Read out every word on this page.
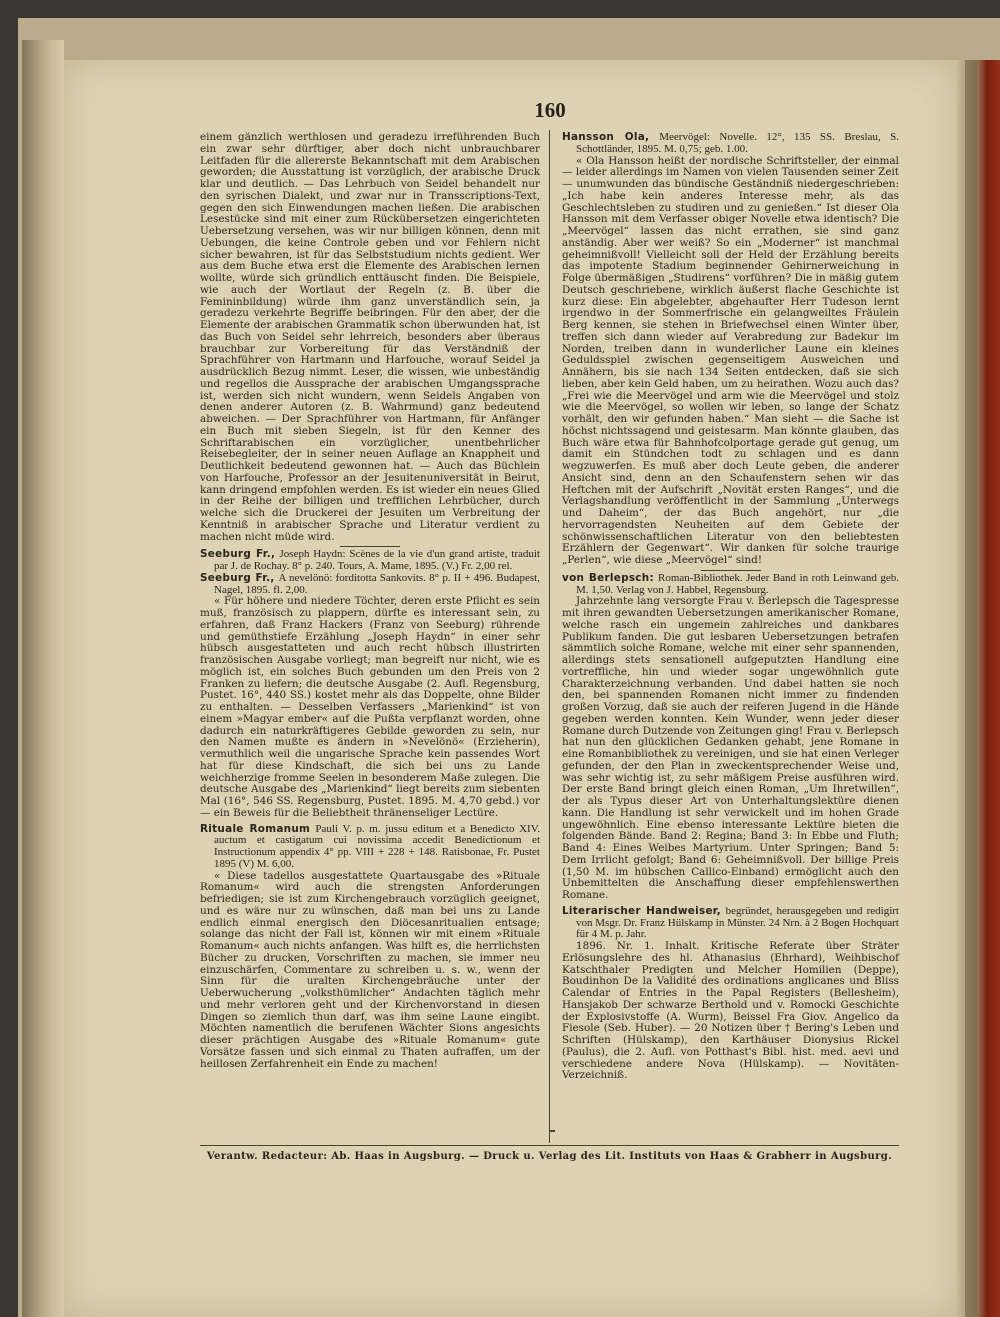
160

einem gänzlich werthlosen und geradezu irreführenden Buch ein zwar sehr dürftiger, aber doch nicht unbrauchbarer Leitfaden für die allererste Bekanntschaft mit dem Arabischen geworden; die Ausstattung ist vorzüglich, der arabische Druck klar und deutlich. — Das Lehrbuch von Seidel behandelt nur den syrischen Dialekt, und zwar nur in Transscriptions-Text, gegen den sich Einwendungen machen ließen. Die arabischen Lesestücke sind mit einer zum Rückübersetzen eingerichteten Uebersetzung versehen, was wir nur billigen können, denn mit Uebungen, die keine Controle geben und vor Fehlern nicht sicher bewahren, ist für das Selbststudium nichts gedient. Wer aus dem Buche etwa erst die Elemente des Arabischen lernen wollte, würde sich gründlich enttäuscht finden. Die Beispiele, wie auch der Wortlaut der Regeln (z. B. über die Femininbildung) würde ihm ganz unverständlich sein, ja geradezu verkehrte Begriffe beibringen. Für den aber, der die Elemente der arabischen Grammatik schon überwunden hat, ist das Buch von Seidel sehr lehrreich, besonders aber überaus brauchbar zur Vorbereitung für das Verständniß der Sprachführer von Hartmann und Harfouche, worauf Seidel ja ausdrücklich Bezug nimmt. Leser, die wissen, wie unbeständig und regellos die Aussprache der arabischen Umgangssprache ist, werden sich nicht wundern, wenn Seidels Angaben von denen anderer Autoren (z. B. Wahrmund) ganz bedeutend abweichen. — Der Sprachführer von Hartmann, für Anfänger ein Buch mit sieben Siegeln, ist für den Kenner des Schriftarabischen ein vorzüglicher, unentbehrlicher Reisebegleiter, der in seiner neuen Auflage an Knappheit und Deutlichkeit bedeutend gewonnen hat. — Auch das Büchlein von Harfouche, Professor an der Jesuitenuniversität in Beirut, kann dringend empfohlen werden. Es ist wieder ein neues Glied in der Reihe der billigen und trefflichen Lehrbücher, durch welche sich die Druckerei der Jesuiten um Verbreitung der Kenntniß in arabischer Sprache und Literatur verdient zu machen nicht müde wird.

Seeburg Fr., Joseph Haydn: Scènes de la vie d'un grand artiste, traduit par J. de Rochay. 8° p. 240. Tours, A. Mame, 1895. (V.) Fr. 2,00 rel.

Seeburg Fr., A nevelönö: forditotta Sankovits. 8° p. II + 496. Budapest, Nagel, 1895. fl. 2,00.

« Für höhere und niedere Töchter, deren erste Pflicht es sein muß, französisch zu plappern, dürfte es interessant sein, zu erfahren, daß Franz Hackers (Franz von Seeburg) rührende und gemüthstiefe Erzählung „Joseph Haydn“ in einer sehr hübsch ausgestatteten und auch recht hübsch illustrirten französischen Ausgabe vorliegt; man begreift nur nicht, wie es möglich ist, ein solches Buch gebunden um den Preis von 2 Franken zu liefern; die deutsche Ausgabe (2. Aufl. Regensburg, Pustet. 16°, 440 SS.) kostet mehr als das Doppelte, ohne Bilder zu enthalten. — Desselben Verfassers „Marienkind“ ist von einem »Magyar ember« auf die Pußta verpflanzt worden, ohne dadurch ein naturkräftigeres Gebilde geworden zu sein, nur den Namen mußte es ändern in »Nevelönö« (Erzieherin), vermuthlich weil die ungarische Sprache kein passendes Wort hat für diese Kindschaft, die sich bei uns zu Lande weichherzige fromme Seelen in besonderem Maße zulegen. Die deutsche Ausgabe des „Marienkind“ liegt bereits zum siebenten Mal (16°, 546 SS. Regensburg, Pustet. 1895. M. 4,70 gebd.) vor — ein Beweis für die Beliebtheit thränenseliger Lectüre.

Rituale Romanum Pauli V. p. m. jussu editum et a Benedicto XIV. auctum et castigatum cui novissima accedit Benedictionum et Instructionum appendix 4° pp. VIII + 228 + 148. Ratisbonae, Fr. Pustet 1895 (V) M. 6,00.

« Diese tadellos ausgestattete Quartausgabe des »Rituale Romanum« wird auch die strengsten Anforderungen befriedigen; sie ist zum Kirchengebrauch vorzüglich geeignet, und es wäre nur zu wünschen, daß man bei uns zu Lande endlich einmal energisch den Diöcesanritualien entsage; solange das nicht der Fall ist, können wir mit einem »Rituale Romanum« auch nichts anfangen. Was hilft es, die herrlichsten Bücher zu drucken, Vorschriften zu machen, sie immer neu einzuschärfen, Commentare zu schreiben u. s. w., wenn der Sinn für die uralten Kirchengebräuche unter der Ueberwucherung „volksthümlicher“ Andachten täglich mehr und mehr verloren geht und der Kirchenvorstand in diesen Dingen so ziemlich thun darf, was ihm seine Laune eingibt. Möchten namentlich die berufenen Wächter Sions angesichts dieser prächtigen Ausgabe des »Rituale Romanum« gute Vorsätze fassen und sich einmal zu Thaten aufraffen, um der heillosen Zerfahrenheit ein Ende zu machen!

Hansson Ola, Meervögel: Novelle. 12°, 135 SS. Breslau, S. Schottländer, 1895. M. 0,75; geb. 1.00.

« Ola Hansson heißt der nordische Schriftsteller, der einmal — leider allerdings im Namen von vielen Tausenden seiner Zeit — unumwunden das bündische Geständniß niedergeschrieben: „Ich habe kein anderes Interesse mehr, als das Geschlechtsleben zu studiren und zu genießen.“ Ist dieser Ola Hansson mit dem Verfasser obiger Novelle etwa identisch? Die „Meervögel“ lassen das nicht errathen, sie sind ganz anständig. Aber wer weiß? So ein „Moderner“ ist manchmal geheimnißvoll! Vielleicht soll der Held der Erzählung bereits das impotente Stadium beginnender Gehirnerweichung in Folge übermäßigen „Studirens“ vorführen? Die in mäßig gutem Deutsch geschriebene, wirklich äußerst flache Geschichte ist kurz diese: Ein abgelebter, abgehaufter Herr Tudeson lernt irgendwo in der Sommerfrische ein gelangweiltes Fräulein Berg kennen, sie stehen in Briefwechsel einen Winter über, treffen sich dann wieder auf Verabredung zur Badekur im Norden, treiben dann in wunderlicher Laune ein kleines Geduldsspiel zwischen gegenseitigem Ausweichen und Annähern, bis sie nach 134 Seiten entdecken, daß sie sich lieben, aber kein Geld haben, um zu heirathen. Wozu auch das? „Frei wie die Meervögel und arm wie die Meervögel und stolz wie die Meervögel, so wollen wir leben, so lange der Schatz vorhält, den wir gefunden haben.“ Man sieht — die Sache ist höchst nichtssagend und geistesarm. Man könnte glauben, das Buch wäre etwa für Bahnhofcolportage gerade gut genug, um damit ein Stündchen todt zu schlagen und es dann wegzuwerfen. Es muß aber doch Leute geben, die anderer Ansicht sind, denn an den Schaufenstern sehen wir das Heftchen mit der Aufschrift „Novität ersten Ranges“, und die Verlagshandlung veröffentlicht in der Sammlung „Unterwegs und Daheim“, der das Buch angehört, nur „die hervorragendsten Neuheiten auf dem Gebiete der schönwissenschaftlichen Literatur von den beliebtesten Erzählern der Gegenwart“. Wir danken für solche traurige „Perlen“, wie diese „Meervögel“ sind!

von Berlepsch: Roman-Bibliothek. Jeder Band in roth Leinwand geb. M. 1,50. Verlag von J. Habbel, Regensburg.

Jahrzehnte lang versorgte Frau v. Berlepsch die Tagespresse mit ihren gewandten Uebersetzungen amerikanischer Romane, welche rasch ein ungemein zahlreiches und dankbares Publikum fanden. Die gut lesbaren Uebersetzungen betrafen sämmtlich solche Romane, welche mit einer sehr spannenden, allerdings stets sensationell aufgeputzten Handlung eine vortreffliche, hin und wieder sogar ungewöhnlich gute Charakterzeichnung verbanden. Und dabei hatten sie noch den, bei spannenden Romanen nicht immer zu findenden großen Vorzug, daß sie auch der reiferen Jugend in die Hände gegeben werden konnten. Kein Wunder, wenn jeder dieser Romane durch Dutzende von Zeitungen ging! Frau v. Berlepsch hat nun den glücklichen Gedanken gehabt, jene Romane in eine Romanbibliothek zu vereinigen, und sie hat einen Verleger gefunden, der den Plan in zweckentsprechender Weise und, was sehr wichtig ist, zu sehr mäßigem Preise ausführen wird. Der erste Band bringt gleich einen Roman, „Um Ihretwillen“, der als Typus dieser Art von Unterhaltungslektüre dienen kann. Die Handlung ist sehr verwickelt und im hohen Grade ungewöhnlich. Eine ebenso interessante Lektüre bieten die folgenden Bände. Band 2: Regina; Band 3: In Ebbe und Fluth; Band 4: Eines Weibes Martyrium. Unter Springen; Band 5: Dem Irrlicht gefolgt; Band 6: Geheimnißvoll. Der billige Preis (1,50 M. im hübschen Callico-Einband) ermöglicht auch den Unbemittelten die Anschaffung dieser empfehlenswerthen Romane.

Literarischer Handweiser, begründet, herausgegeben und redigirt von Msgr. Dr. Franz Hülskamp in Münster. 24 Nrn. à 2 Bogen Hochquart für 4 M. p. Jahr.

1896. Nr. 1. Inhalt. Kritische Referate über Sträter Erlösungslehre des hl. Athanasius (Ehrhard), Weihbischof Katschthaler Predigten und Melcher Homilien (Deppe), Boudinhon De la Validité des ordinations anglicanes und Bliss Calendar of Entries in the Papal Registers (Bellesheim), Hansjakob Der schwarze Berthold und v. Romocki Geschichte der Explosivstoffe (A. Wurm), Beissel Fra Giov. Angelico da Fiesole (Seb. Huber). — 20 Notizen über † Bering's Leben und Schriften (Hülskamp), den Karthäuser Dionysius Rickel (Paulus), die 2. Aufl. von Potthast's Bibl. hist. med. aevi und verschiedene andere Nova (Hülskamp). — Novitäten-Verzeichniß.

Verantw. Redacteur: Ab. Haas in Augsburg. — Druck u. Verlag des Lit. Instituts von Haas & Grabherr in Augsburg.
